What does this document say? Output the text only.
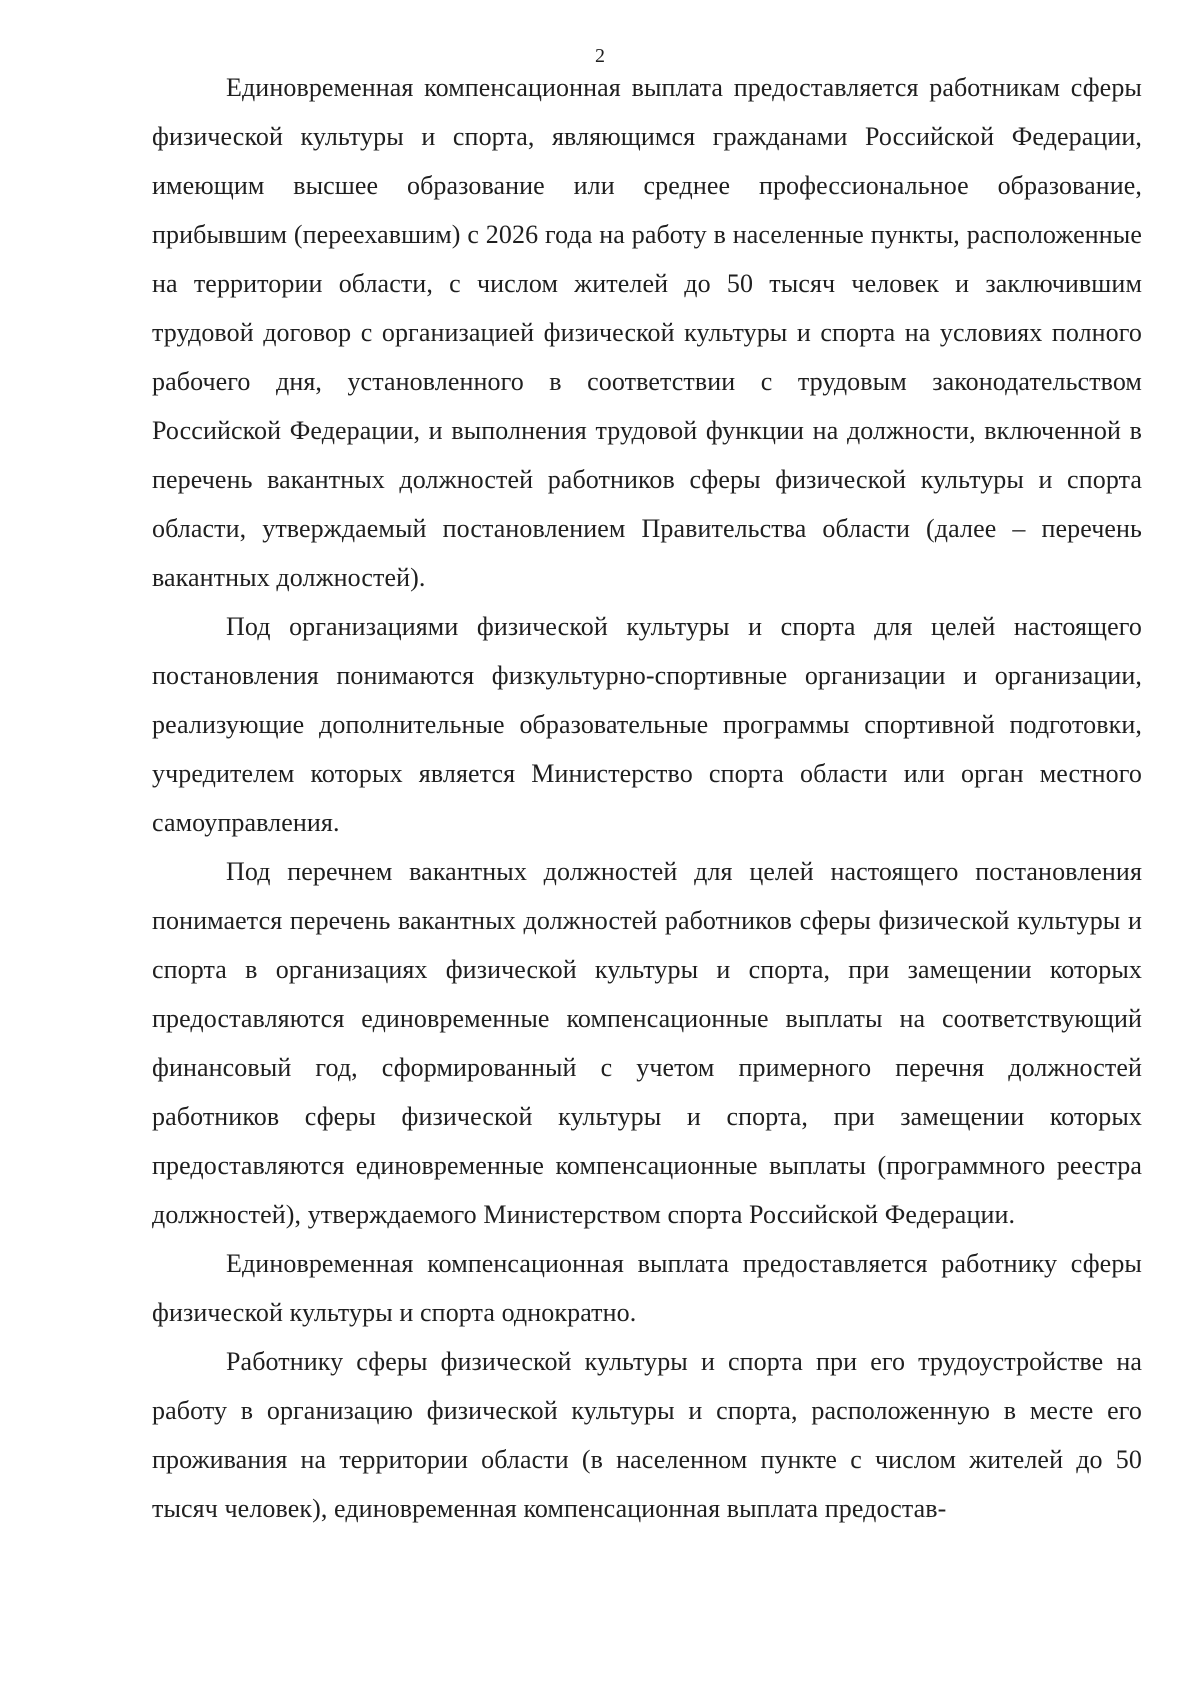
2

Единовременная компенсационная выплата предоставляется работникам сферы физической культуры и спорта, являющимся гражданами Российской Федерации, имеющим высшее образование или среднее профессиональное образование, прибывшим (переехавшим) с 2026 года на работу в населенные пункты, расположенные на территории области, с числом жителей до 50 тысяч человек и заключившим трудовой договор с организацией физической культуры и спорта на условиях полного рабочего дня, установленного в соответствии с трудовым законодательством Российской Федерации, и выполнения трудовой функции на должности, включенной в перечень вакантных должностей работников сферы физической культуры и спорта области, утверждаемый постановлением Правительства области (далее – перечень вакантных должностей).

Под организациями физической культуры и спорта для целей настоящего постановления понимаются физкультурно-спортивные организации и организации, реализующие дополнительные образовательные программы спортивной подготовки, учредителем которых является Министерство спорта области или орган местного самоуправления.

Под перечнем вакантных должностей для целей настоящего постановления понимается перечень вакантных должностей работников сферы физической культуры и спорта в организациях физической культуры и спорта, при замещении которых предоставляются единовременные компенсационные выплаты на соответствующий финансовый год, сформированный с учетом примерного перечня должностей работников сферы физической культуры и спорта, при замещении которых предоставляются единовременные компенсационные выплаты (программного реестра должностей), утверждаемого Министерством спорта Российской Федерации.

Единовременная компенсационная выплата предоставляется работнику сферы физической культуры и спорта однократно.

Работнику сферы физической культуры и спорта при его трудоустройстве на работу в организацию физической культуры и спорта, расположенную в месте его проживания на территории области (в населенном пункте с числом жителей до 50 тысяч человек), единовременная компенсационная выплата предостав-
